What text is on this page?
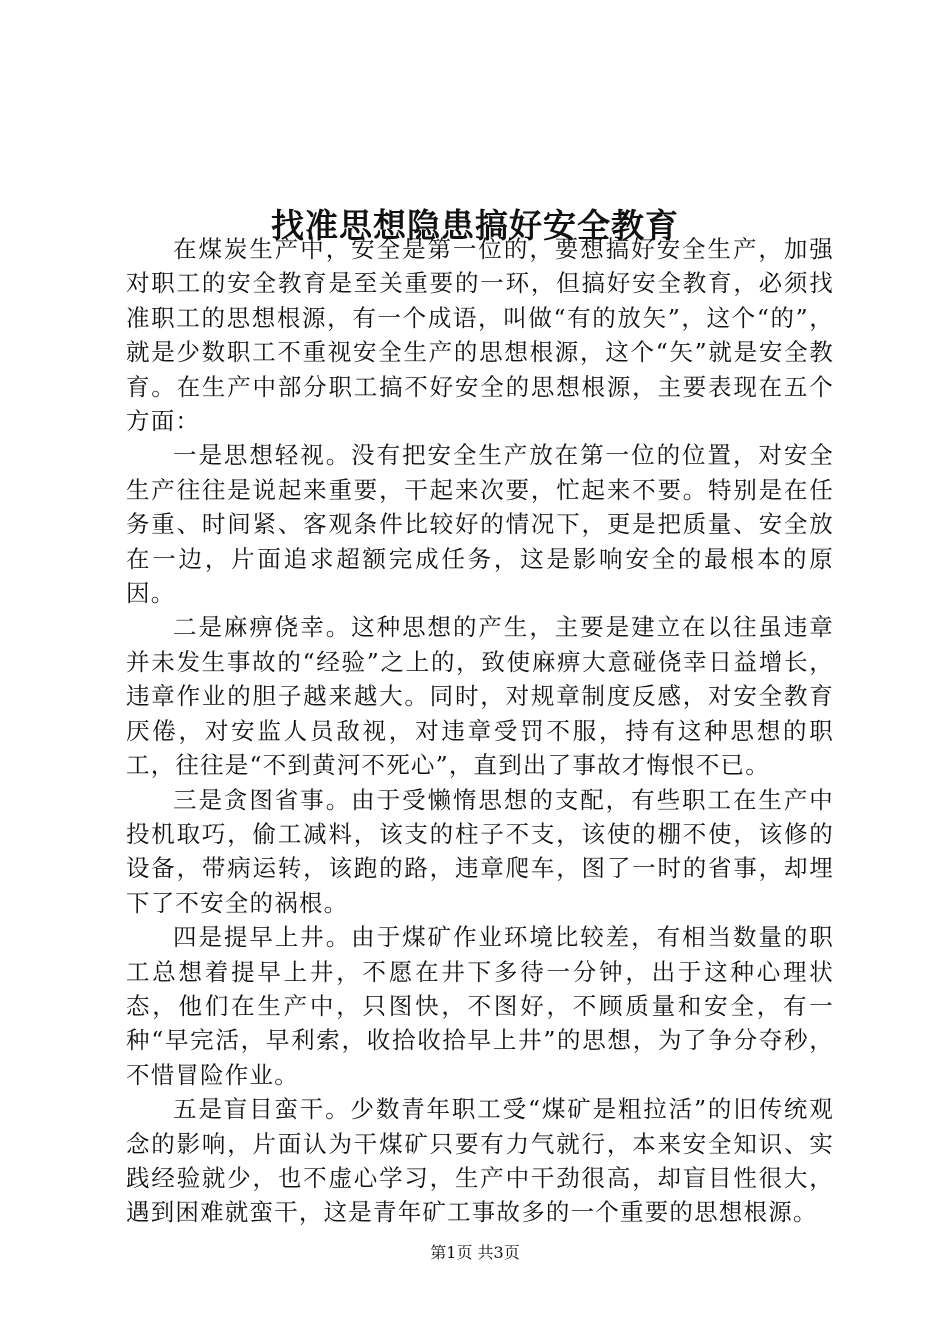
找准思想隐患搞好安全教育

在煤炭生产中，安全是第一位的，要想搞好安全生产，加强对职工的安全教育是至关重要的一环，但搞好安全教育，必须找准职工的思想根源，有一个成语，叫做“有的放矢”，这个“的”，就是少数职工不重视安全生产的思想根源，这个“矢”就是安全教育。在生产中部分职工搞不好安全的思想根源，主要表现在五个方面：

一是思想轻视。没有把安全生产放在第一位的位置，对安全生产往往是说起来重要，干起来次要，忙起来不要。特别是在任务重、时间紧、客观条件比较好的情况下，更是把质量、安全放在一边，片面追求超额完成任务，这是影响安全的最根本的原因。

二是麻痹侥幸。这种思想的产生，主要是建立在以往虽违章并未发生事故的“经验”之上的，致使麻痹大意碰侥幸日益增长，违章作业的胆子越来越大。同时，对规章制度反感，对安全教育厌倦，对安监人员敌视，对违章受罚不服，持有这种思想的职工，往往是“不到黄河不死心”，直到出了事故才悔恨不已。

三是贪图省事。由于受懒惰思想的支配，有些职工在生产中投机取巧，偷工减料，该支的柱子不支，该使的棚不使，该修的设备，带病运转，该跑的路，违章爬车，图了一时的省事，却埋下了不安全的祸根。

四是提早上井。由于煤矿作业环境比较差，有相当数量的职工总想着提早上井，不愿在井下多待一分钟，出于这种心理状态，他们在生产中，只图快，不图好，不顾质量和安全，有一种“早完活，早利索，收拾收拾早上井”的思想，为了争分夺秒，不惜冒险作业。

五是盲目蛮干。少数青年职工受“煤矿是粗拉活”的旧传统观念的影响，片面认为干煤矿只要有力气就行，本来安全知识、实践经验就少，也不虚心学习，生产中干劲很高，却盲目性很大，遇到困难就蛮干，这是青年矿工事故多的一个重要的思想根源。

第1页 共3页
